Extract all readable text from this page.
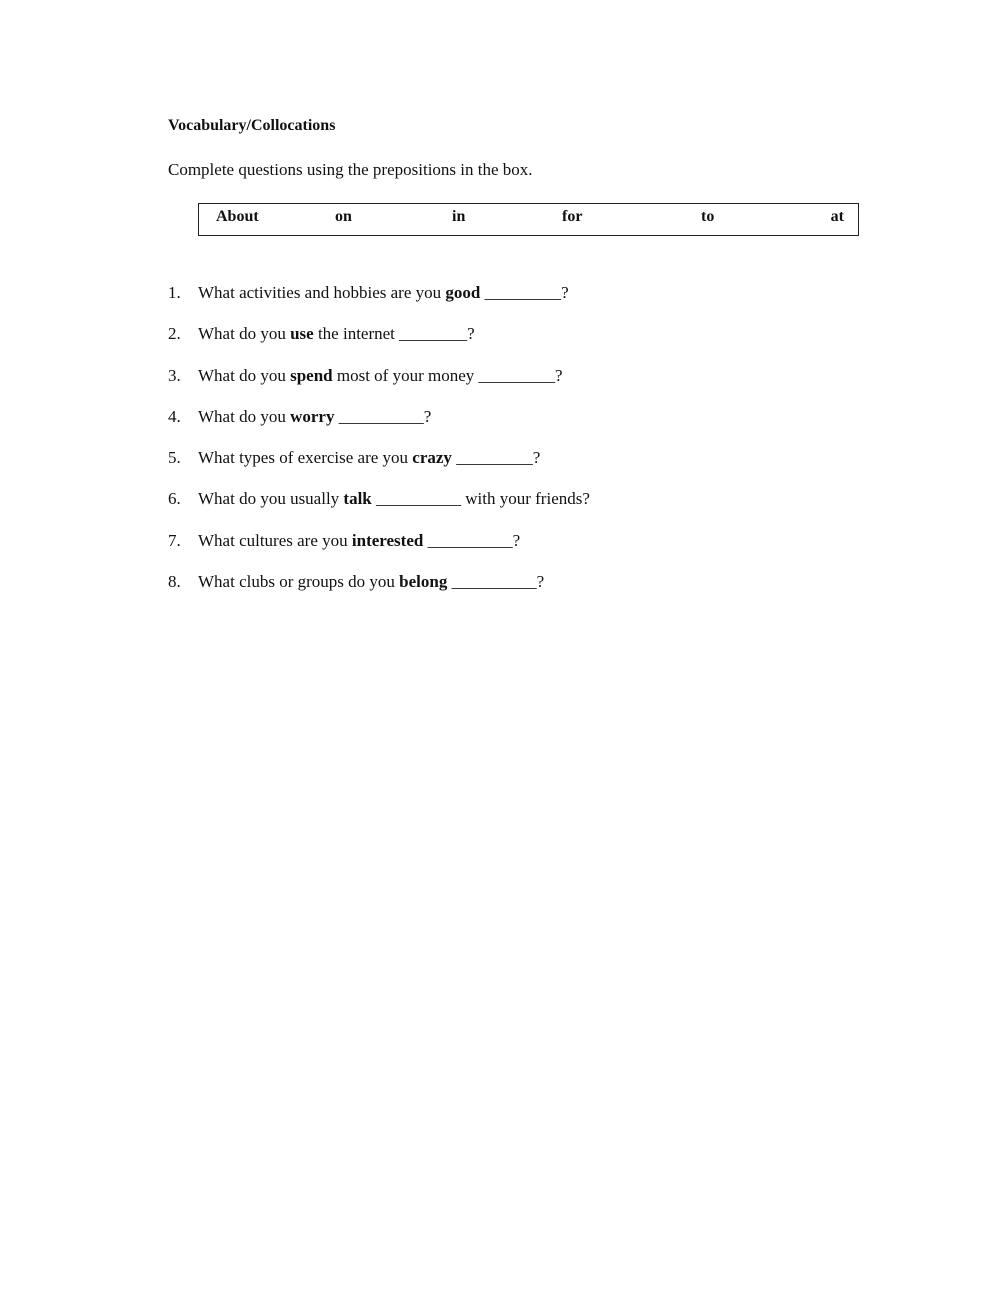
Vocabulary/Collocations
Complete questions using the prepositions in the box.
About	on	in	for	to	at
1. What activities and hobbies are you good _________?
2. What do you use the internet ________?
3. What do you spend most of your money _________?
4. What do you worry __________?
5. What types of exercise are you crazy _________?
6. What do you usually talk __________ with your friends?
7. What cultures are you interested __________?
8. What clubs or groups do you belong __________?
